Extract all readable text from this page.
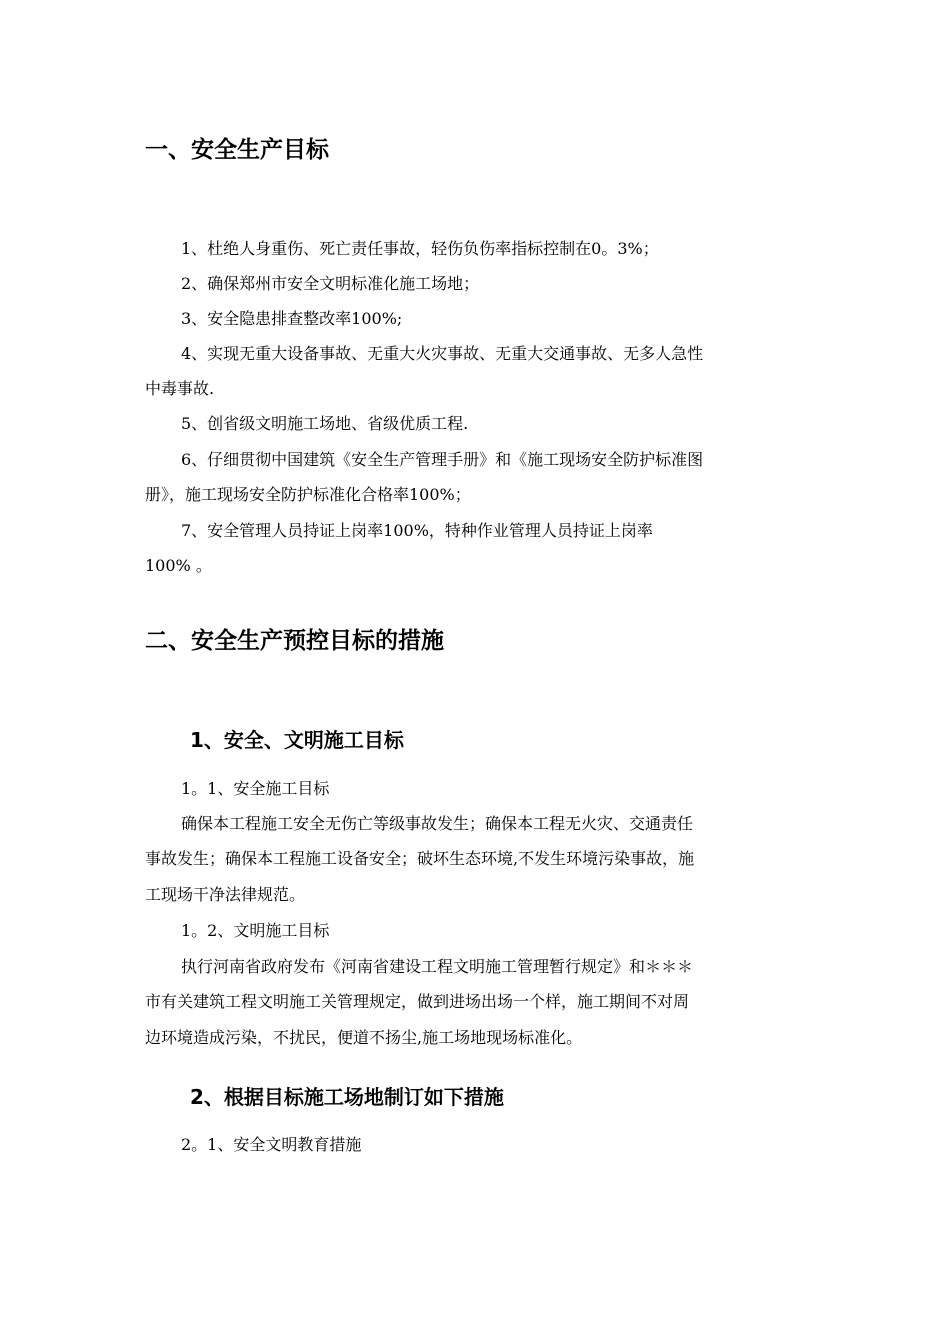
一、安全生产目标

1、杜绝人身重伤、死亡责任事故，轻伤负伤率指标控制在0。3%；

2、确保郑州市安全文明标准化施工场地；

3、安全隐患排查整改率100%;

4、实现无重大设备事故、无重大火灾事故、无重大交通事故、无多人急性

中毒事故.

5、创省级文明施工场地、省级优质工程.

6、仔细贯彻中国建筑《安全生产管理手册》和《施工现场安全防护标准图

册》，施工现场安全防护标准化合格率100%；

7、安全管理人员持证上岗率100%，特种作业管理人员持证上岗率

100% 。

二、安全生产预控目标的措施
1、安全、文明施工目标

1。1、安全施工目标

确保本工程施工安全无伤亡等级事故发生；确保本工程无火灾、交通责任

事故发生；确保本工程施工设备安全；破坏生态环境,不发生环境污染事故，施

工现场干净法律规范。

1。2、文明施工目标

执行河南省政府发布《河南省建设工程文明施工管理暂行规定》和＊＊＊

市有关建筑工程文明施工关管理规定，做到进场出场一个样，施工期间不对周

边环境造成污染，不扰民，便道不扬尘,施工场地现场标准化。

2、根据目标施工场地制订如下措施

2。1、安全文明教育措施
